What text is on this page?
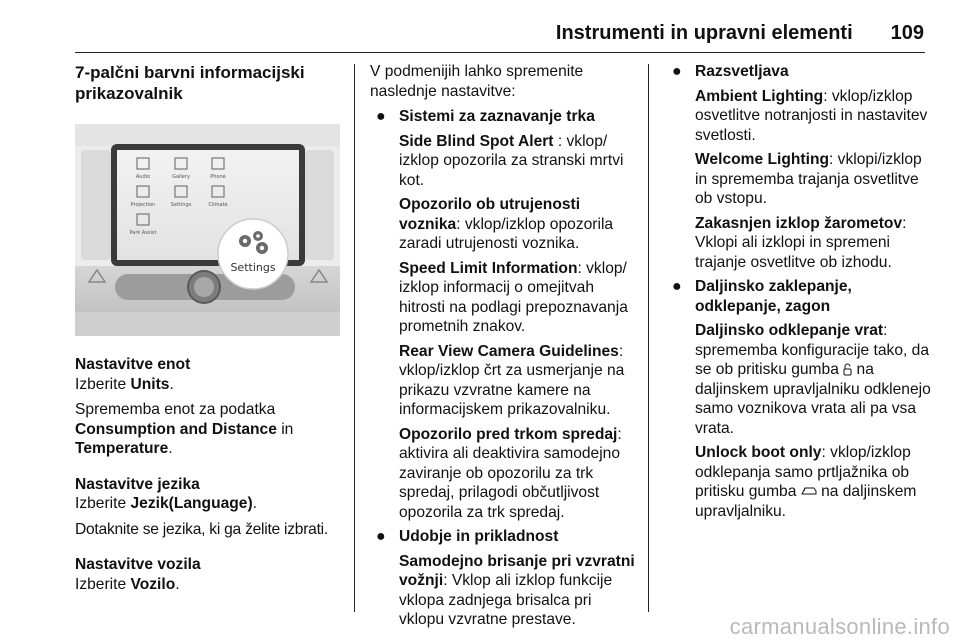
Instrumenti in upravni elementi 109

7-palčni barvni informacijski prikazovalnik

Audio	Gallery	Phone
Projection	Settings	Climate
Park Assist
Settings
Nastavitve enot

Izberite Units.

Sprememba enot za podatka Consumption and Distance in Temperature.

Nastavitve jezika

Izberite Jezik(Language).

Dotaknite se jezika, ki ga želite izbrati.

Nastavitve vozila

Izberite Vozilo.

V podmenijih lahko spremenite naslednje nastavitve:

● Sistemi za zaznavanje trka

Side Blind Spot Alert : vklop/ izklop opozorila za stranski mrtvi kot.

Opozorilo ob utrujenosti voznika: vklop/izklop opozorila zaradi utrujenosti voznika.

Speed Limit Information: vklop/ izklop informacij o omejitvah hitrosti na podlagi prepoznavanja prometnih znakov.

Rear View Camera Guidelines: vklop/izklop črt za usmerjanje na prikazu vzvratne kamere na informacijskem prikazovalniku.

Opozorilo pred trkom spredaj: aktivira ali deaktivira samodejno zaviranje ob opozorilu za trk spredaj, prilagodi občutljivost opozorila za trk spredaj.

● Udobje in prikladnost

Samodejno brisanje pri vzvratni vožnji: Vklop ali izklop funkcije vklopa zadnjega brisalca pri vklopu vzvratne prestave.

● Razsvetljava

Ambient Lighting: vklop/izklop osvetlitve notranjosti in nastavitev svetlosti.

Welcome Lighting: vklopi/izklop in sprememba trajanja osvetlitve ob vstopu.

Zakasnjen izklop žarometov: Vklopi ali izklopi in spremeni trajanje osvetlitve ob izhodu.

● Daljinsko zaklepanje, odklepanje, zagon

Daljinsko odklepanje vrat: sprememba konfiguracije tako, da se ob pritisku gumba  na daljinskem upravljalniku odklenejo samo voznikova vrata ali pa vsa vrata.

Unlock boot only: vklop/izklop odklepanja samo prtljažnika ob pritisku gumba  na daljinskem upravljalniku.

carmanualsonline.info
